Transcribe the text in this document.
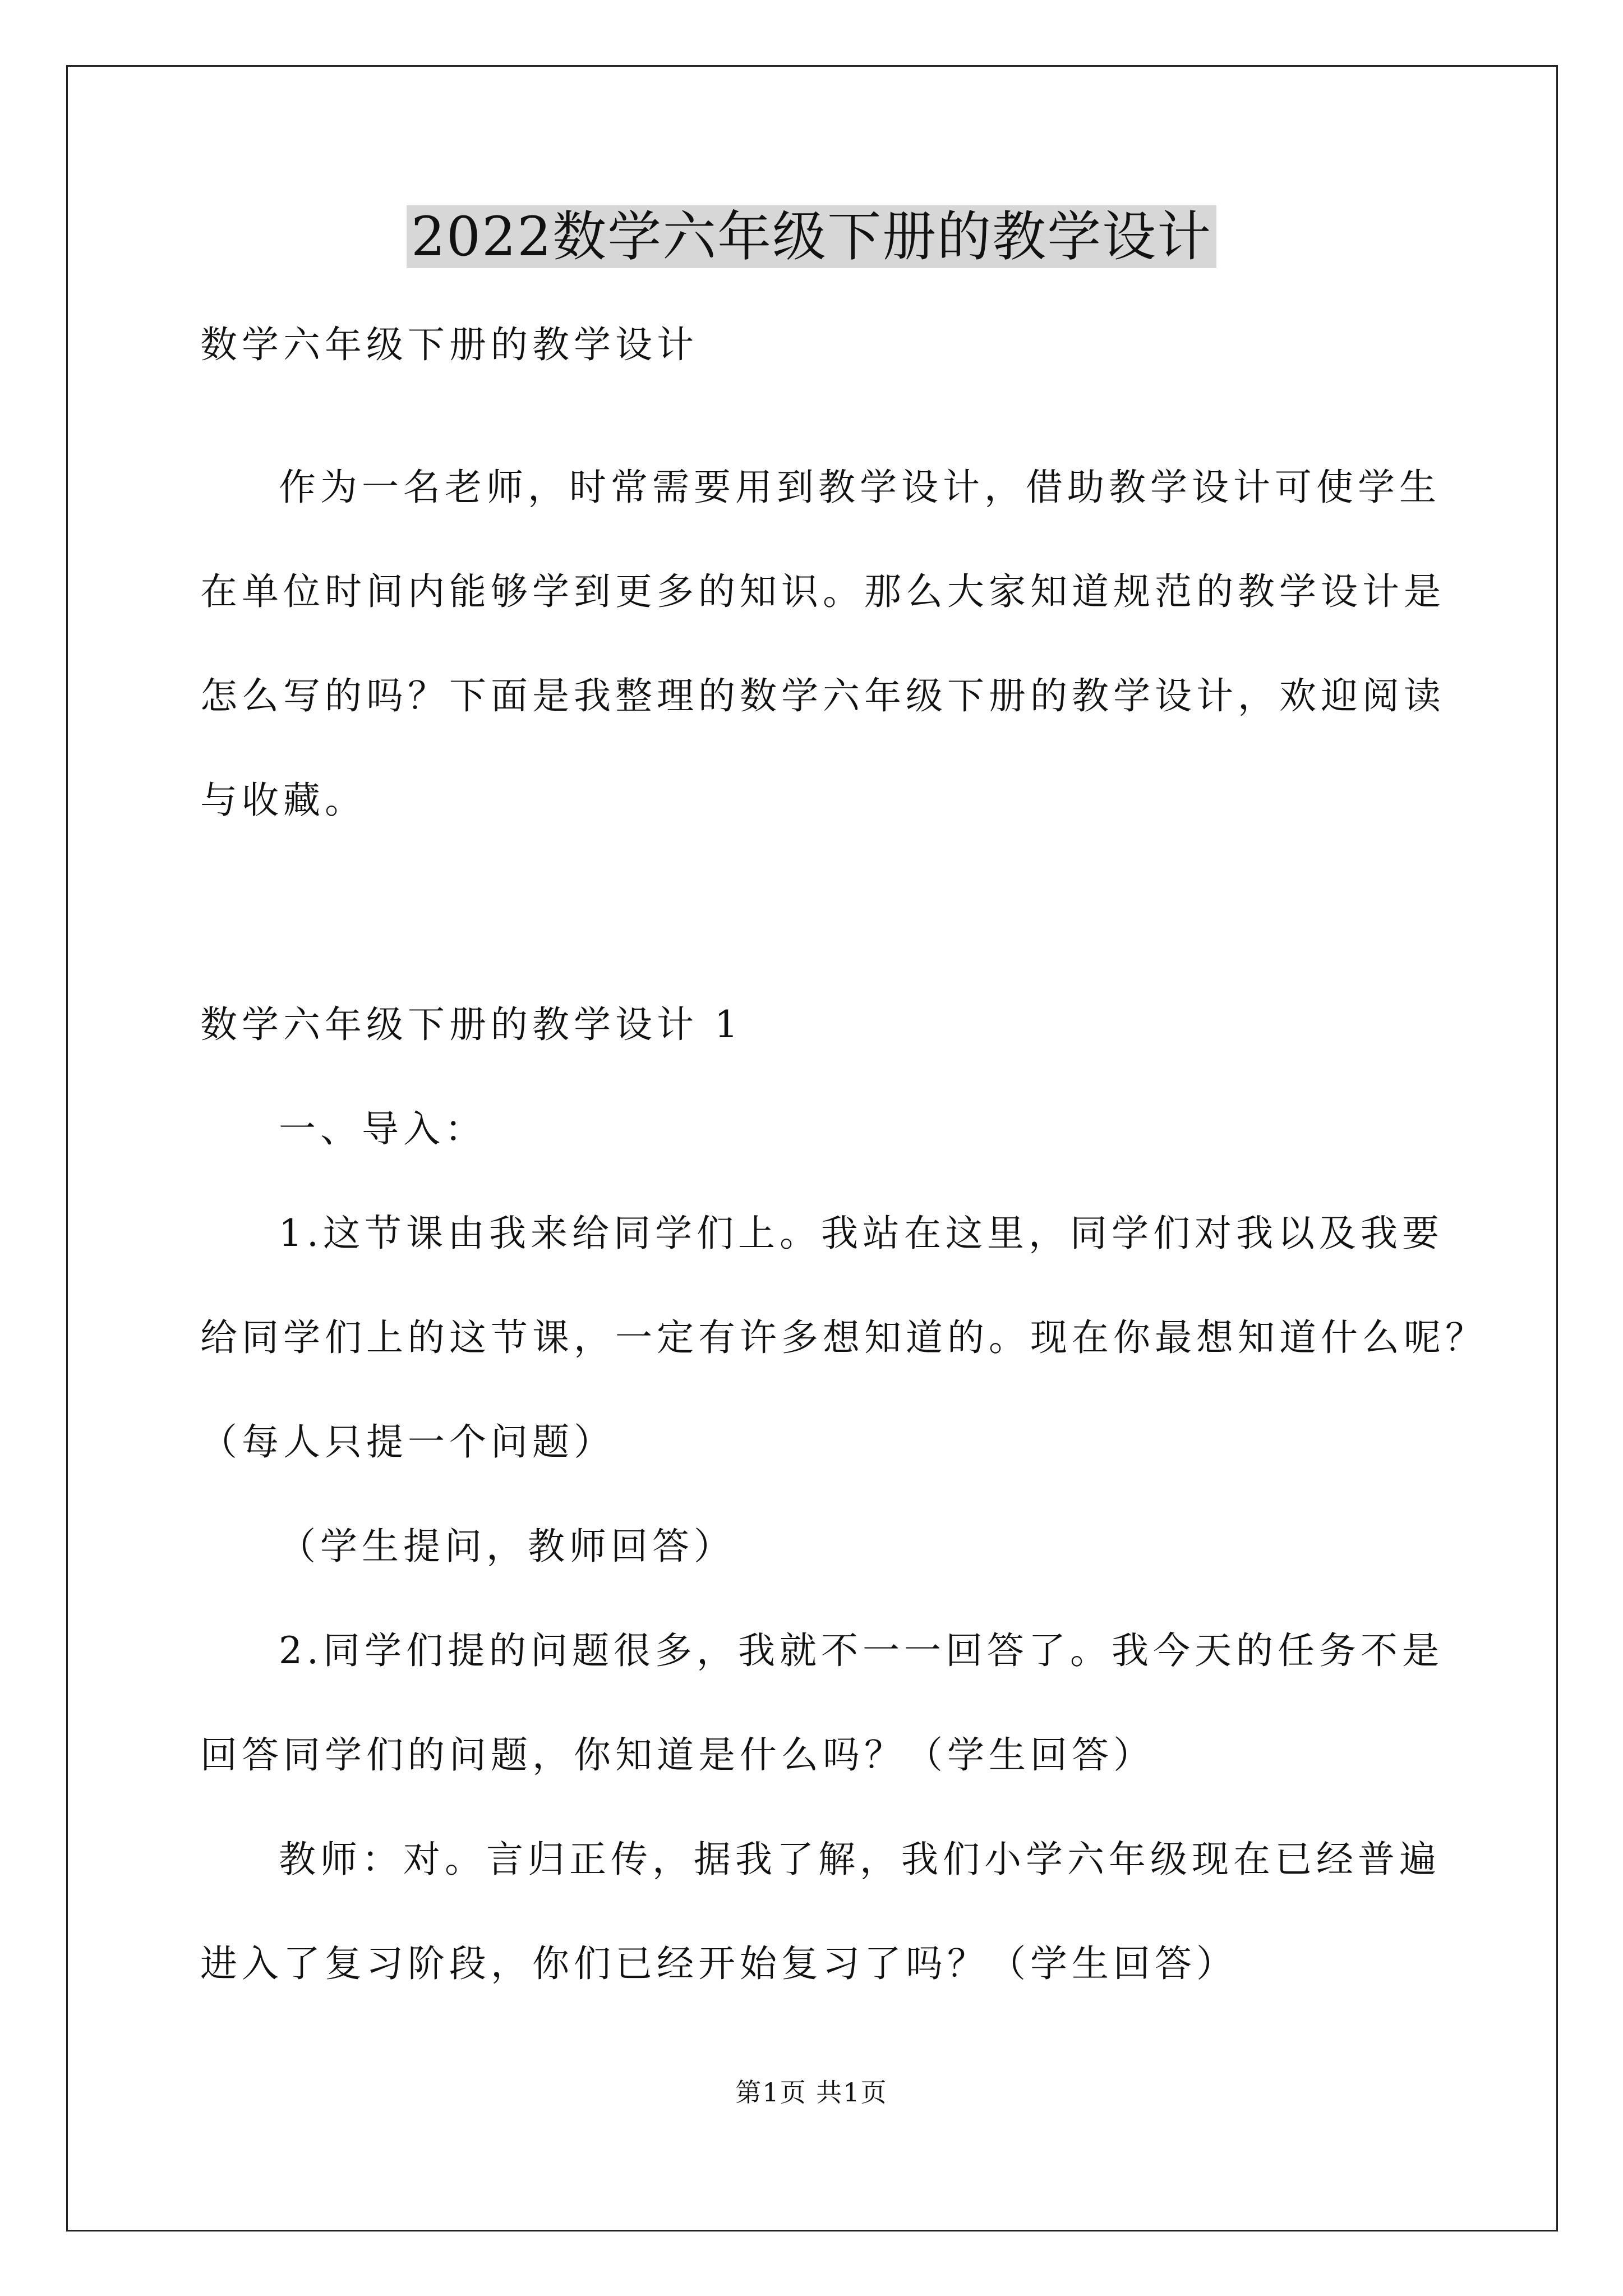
2022数学六年级下册的教学设计
数学六年级下册的教学设计
作为一名老师，时常需要用到教学设计，借助教学设计可使学生
在单位时间内能够学到更多的知识。那么大家知道规范的教学设计是
怎么写的吗？下面是我整理的数学六年级下册的教学设计，欢迎阅读
与收藏。
数学六年级下册的教学设计 1
一、导入：
1.这节课由我来给同学们上。我站在这里，同学们对我以及我要
给同学们上的这节课，一定有许多想知道的。现在你最想知道什么呢？
（每人只提一个问题）
（学生提问，教师回答）
2.同学们提的问题很多，我就不一一回答了。我今天的任务不是
回答同学们的问题，你知道是什么吗？（学生回答）
教师：对。言归正传，据我了解，我们小学六年级现在已经普遍
进入了复习阶段，你们已经开始复习了吗？（学生回答）
第1页 共1页
